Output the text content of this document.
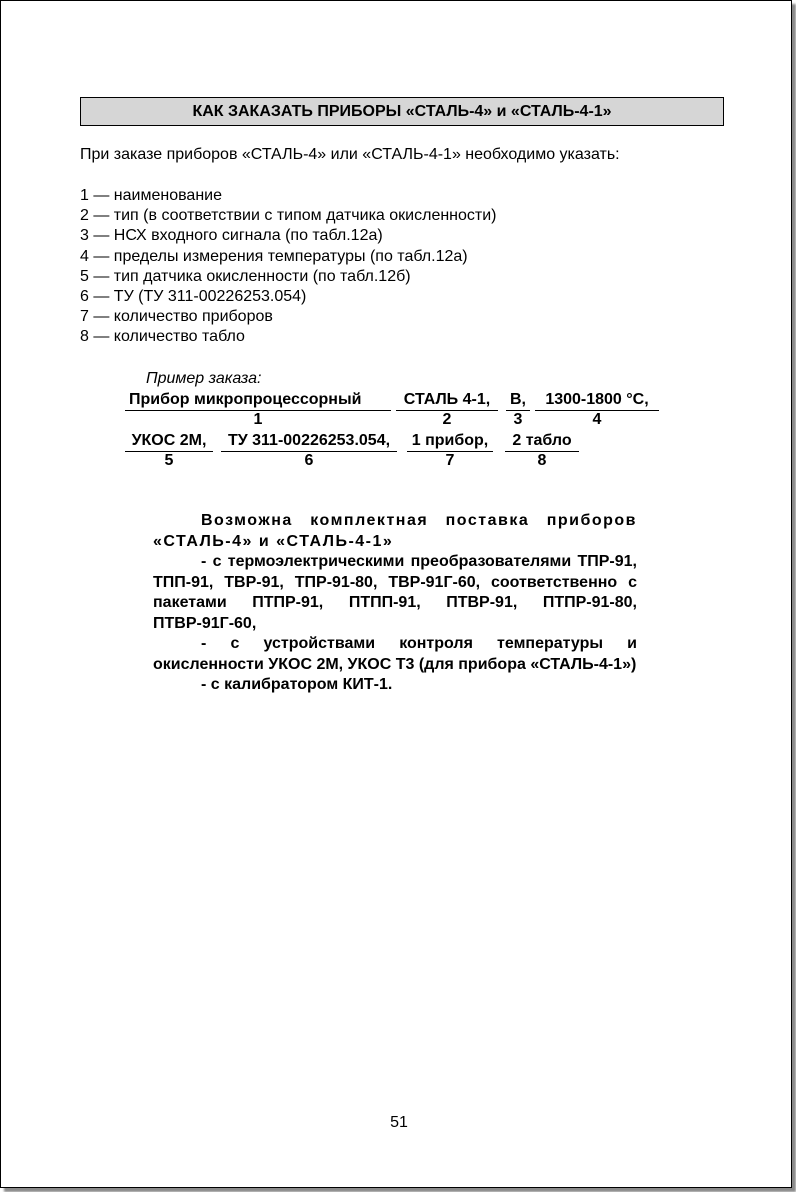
КАК ЗАКАЗАТЬ ПРИБОРЫ «СТАЛЬ-4» и «СТАЛЬ-4-1»
При заказе приборов «СТАЛЬ-4» или «СТАЛЬ-4-1» необходимо указать:
1 — наименование
2 — тип (в соответствии с типом датчика окисленности)
3 — НСХ входного сигнала (по табл.12а)
4 — пределы измерения температуры (по табл.12а)
5 — тип датчика окисленности (по табл.12б)
6 — ТУ (ТУ 311-00226253.054)
7 — количество приборов
8 — количество табло
Пример заказа:
Прибор микропроцессорный
1
СТАЛЬ 4-1,
2
В,
3
1300-1800 °С,
4
УКОС 2М,
5
ТУ 311-00226253.054,
6
1 прибор,
7
2 табло
8

Возможна комплектная поставка приборов «СТАЛЬ-4» и «СТАЛЬ-4-1»

- с термоэлектрическими преобразователями ТПР-91, ТПП-91, ТВР-91, ТПР-91-80, ТВР-91Г-60, соответственно с пакетами ПТПР-91, ПТПП-91, ПТВР-91, ПТПР-91-80, ПТВР-91Г-60,

- с устройствами контроля температуры и окисленности УКОС 2М, УКОС Т3 (для прибора «СТАЛЬ-4-1»)

- с калибратором КИТ-1.

51
